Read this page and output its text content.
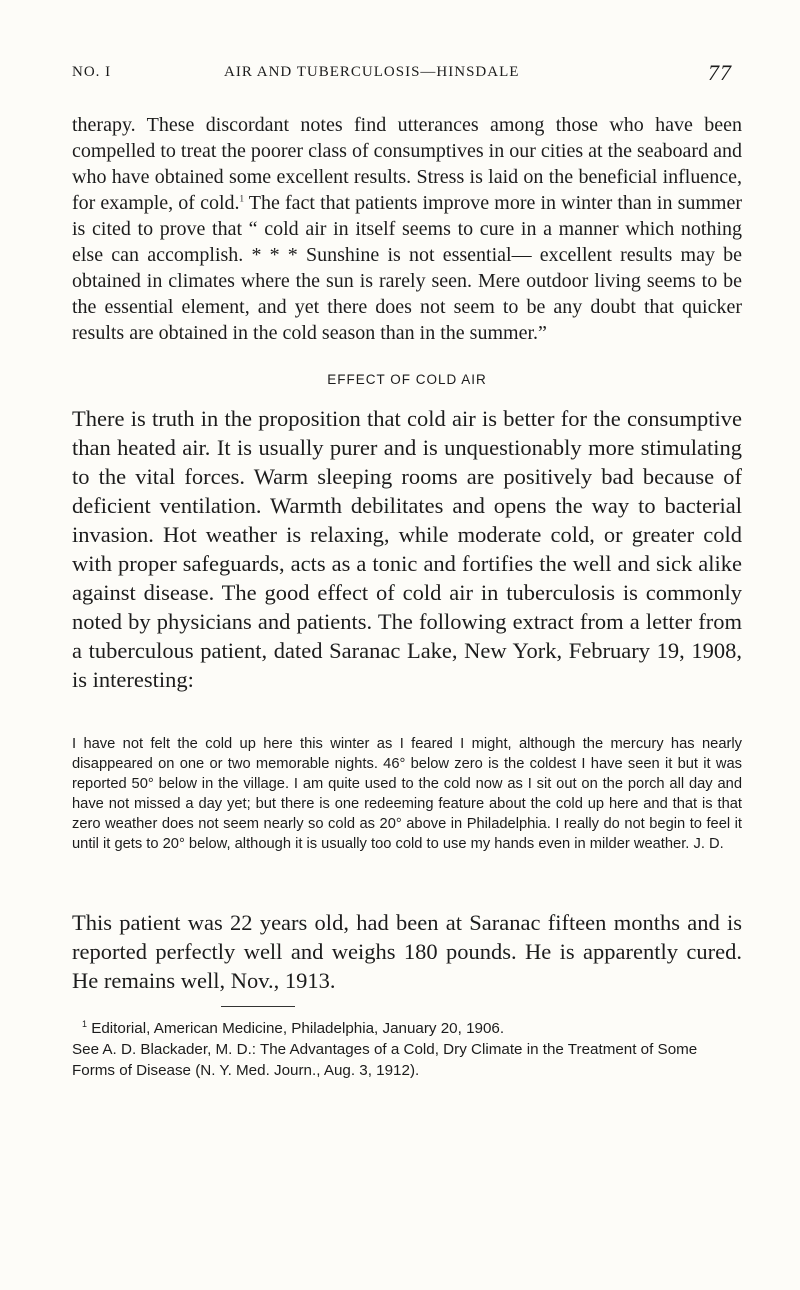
NO. I	AIR AND TUBERCULOSIS—HINSDALE	77

therapy. These discordant notes find utterances among those who have been compelled to treat the poorer class of consumptives in our cities at the seaboard and who have obtained some excellent results. Stress is laid on the beneficial influence, for example, of cold.$^1$ The fact that patients improve more in winter than in summer is cited to prove that “ cold air in itself seems to cure in a manner which nothing else can accomplish. * * * Sunshine is not essential— excellent results may be obtained in climates where the sun is rarely seen. Mere outdoor living seems to be the essential element, and yet there does not seem to be any doubt that quicker results are obtained in the cold season than in the summer.”

EFFECT OF COLD AIR

There is truth in the proposition that cold air is better for the consumptive than heated air. It is usually purer and is unquestionably more stimulating to the vital forces. Warm sleeping rooms are positively bad because of deficient ventilation. Warmth debilitates and opens the way to bacterial invasion. Hot weather is relaxing, while moderate cold, or greater cold with proper safeguards, acts as a tonic and fortifies the well and sick alike against disease. The good effect of cold air in tuberculosis is commonly noted by physicians and patients. The following extract from a letter from a tuberculous patient, dated Saranac Lake, New York, February 19, 1908, is interesting:

I have not felt the cold up here this winter as I feared I might, although the mercury has nearly disappeared on one or two memorable nights. 46° below zero is the coldest I have seen it but it was reported 50° below in the village. I am quite used to the cold now as I sit out on the porch all day and have not missed a day yet; but there is one redeeming feature about the cold up here and that is that zero weather does not seem nearly so cold as 20° above in Philadelphia. I really do not begin to feel it until it gets to 20° below, although it is usually too cold to use my hands even in milder weather. J. D.

This patient was 22 years old, had been at Saranac fifteen months and is reported perfectly well and weighs 180 pounds. He is apparently cured. He remains well, Nov., 1913.

$^1$ Editorial, American Medicine, Philadelphia, January 20, 1906.
See A. D. Blackader, M. D.: The Advantages of a Cold, Dry Climate in the Treatment of Some Forms of Disease (N. Y. Med. Journ., Aug. 3, 1912).
